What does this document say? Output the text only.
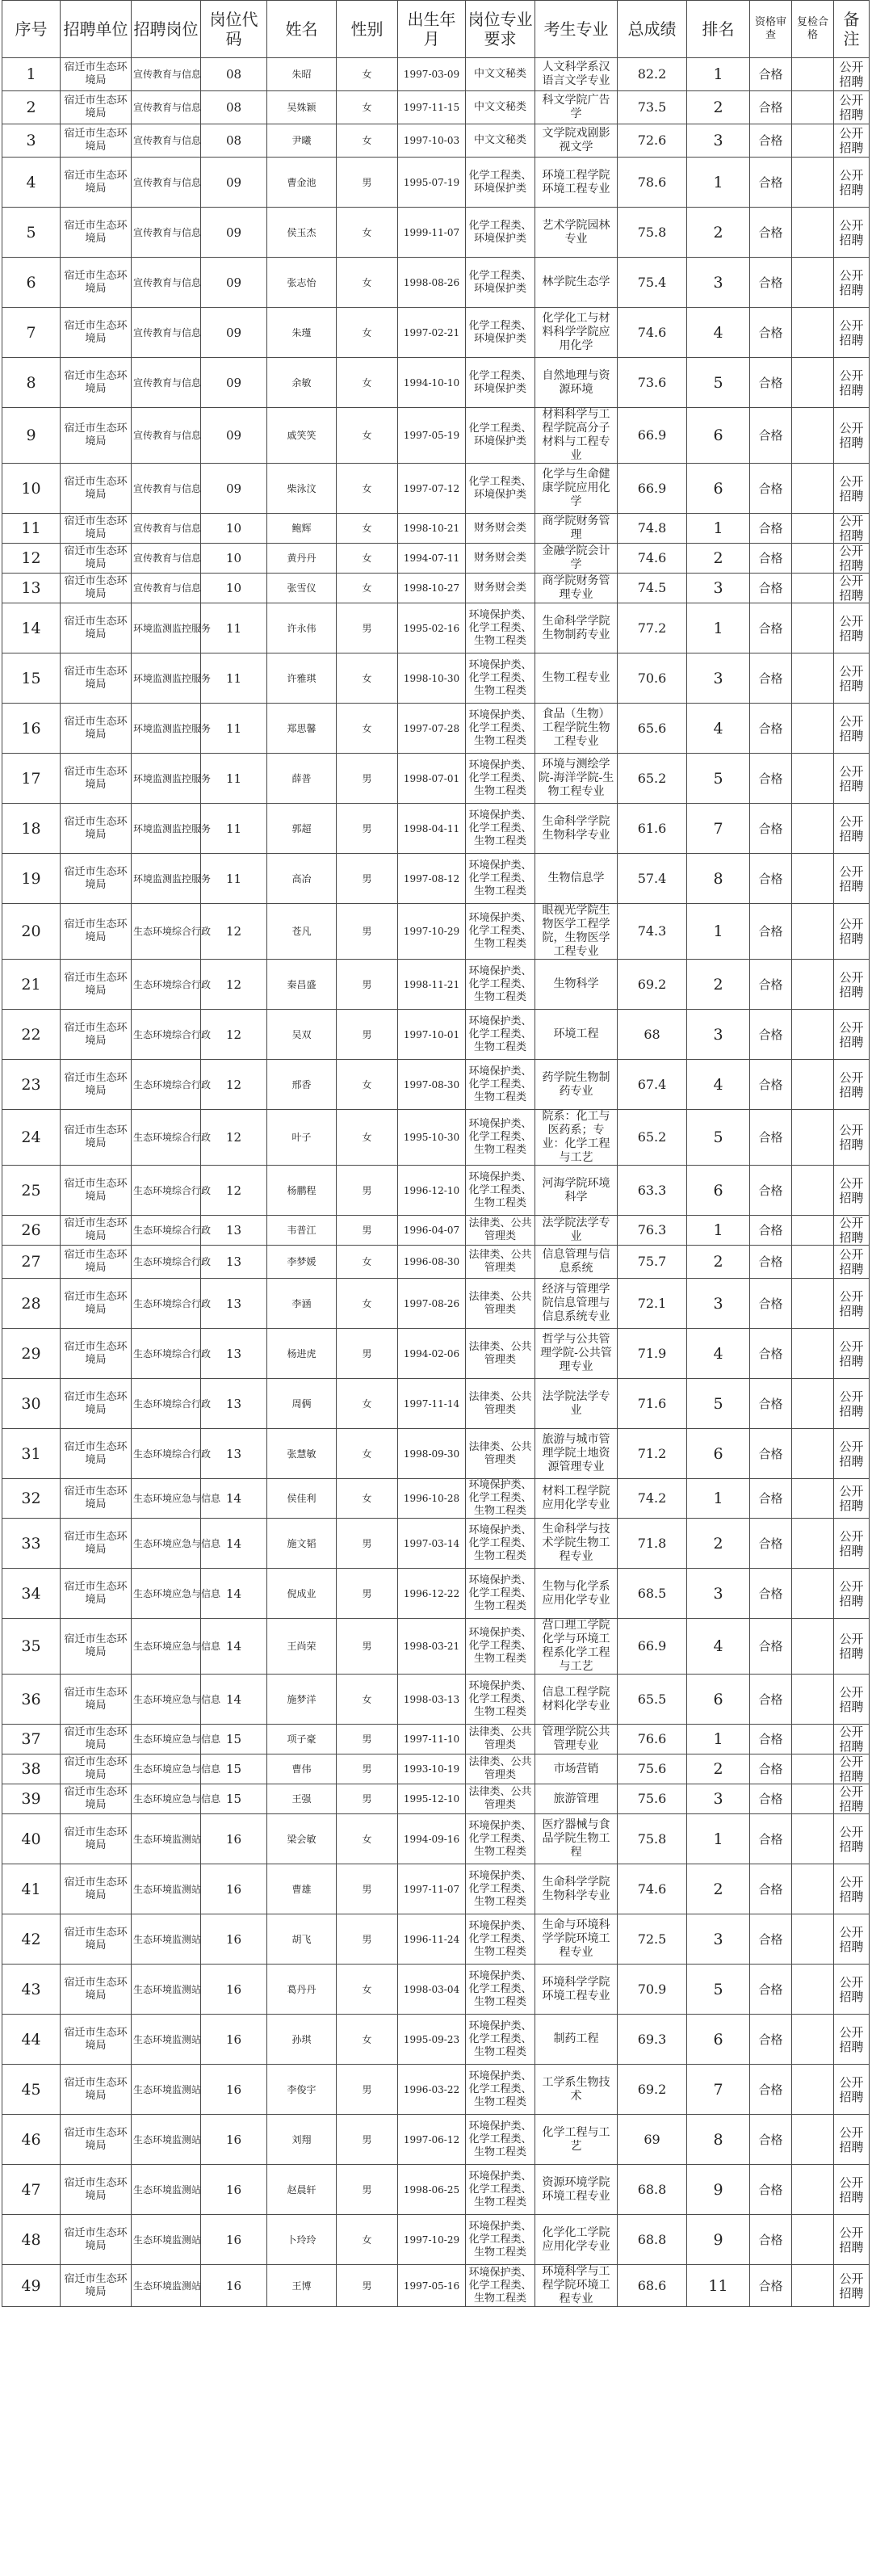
序号	招聘单位	招聘岗位	岗位代码	姓名	性别	出生年月	岗位专业要求	考生专业	总成绩	排名	资格审查	复检合格	备注
1	宿迁市生态环境局	宣传教育与信息	08	朱昭	女	1997-03-09	中文文秘类	人文科学系汉语言文学专业	82.2	1	合格		公开招聘
2	宿迁市生态环境局	宣传教育与信息	08	吴姝颖	女	1997-11-15	中文文秘类	科文学院广告学	73.5	2	合格		公开招聘
3	宿迁市生态环境局	宣传教育与信息	08	尹曦	女	1997-10-03	中文文秘类	文学院戏剧影视文学	72.6	3	合格		公开招聘
4	宿迁市生态环境局	宣传教育与信息	09	曹金池	男	1995-07-19	化学工程类、环境保护类	环境工程学院环境工程专业	78.6	1	合格		公开招聘
5	宿迁市生态环境局	宣传教育与信息	09	侯玉杰	女	1999-11-07	化学工程类、环境保护类	艺术学院园林专业	75.8	2	合格		公开招聘
6	宿迁市生态环境局	宣传教育与信息	09	张志怡	女	1998-08-26	化学工程类、环境保护类	林学院生态学	75.4	3	合格		公开招聘
7	宿迁市生态环境局	宣传教育与信息	09	朱瑾	女	1997-02-21	化学工程类、环境保护类	化学化工与材料科学学院应用化学	74.6	4	合格		公开招聘
8	宿迁市生态环境局	宣传教育与信息	09	余敏	女	1994-10-10	化学工程类、环境保护类	自然地理与资源环境	73.6	5	合格		公开招聘
9	宿迁市生态环境局	宣传教育与信息	09	戚笑笑	女	1997-05-19	化学工程类、环境保护类	材料科学与工程学院高分子材料与工程专业	66.9	6	合格		公开招聘
10	宿迁市生态环境局	宣传教育与信息	09	柴泳汶	女	1997-07-12	化学工程类、环境保护类	化学与生命健康学院应用化学	66.9	6	合格		公开招聘
11	宿迁市生态环境局	宣传教育与信息	10	鲍辉	女	1998-10-21	财务财会类	商学院财务管理	74.8	1	合格		公开招聘
12	宿迁市生态环境局	宣传教育与信息	10	黄丹丹	女	1994-07-11	财务财会类	金融学院会计学	74.6	2	合格		公开招聘
13	宿迁市生态环境局	宣传教育与信息	10	张雪仪	女	1998-10-27	财务财会类	商学院财务管理专业	74.5	3	合格		公开招聘
14	宿迁市生态环境局	环境监测监控服务	11	许永伟	男	1995-02-16	环境保护类、化学工程类、生物工程类	生命科学学院 生物制药专业	77.2	1	合格		公开招聘
15	宿迁市生态环境局	环境监测监控服务	11	许雅琪	女	1998-10-30	环境保护类、化学工程类、生物工程类	生物工程专业	70.6	3	合格		公开招聘
16	宿迁市生态环境局	环境监测监控服务	11	郑思馨	女	1997-07-28	环境保护类、化学工程类、生物工程类	食品（生物）工程学院生物工程专业	65.6	4	合格		公开招聘
17	宿迁市生态环境局	环境监测监控服务	11	薛普	男	1998-07-01	环境保护类、化学工程类、生物工程类	环境与测绘学院-海洋学院-生物工程专业	65.2	5	合格		公开招聘
18	宿迁市生态环境局	环境监测监控服务	11	郭超	男	1998-04-11	环境保护类、化学工程类、生物工程类	生命科学学院生物科学专业	61.6	7	合格		公开招聘
19	宿迁市生态环境局	环境监测监控服务	11	高冶	男	1997-08-12	环境保护类、化学工程类、生物工程类	生物信息学	57.4	8	合格		公开招聘
20	宿迁市生态环境局	生态环境综合行政	12	苍凡	男	1997-10-29	环境保护类、化学工程类、生物工程类	眼视光学院生物医学工程学院，生物医学工程专业	74.3	1	合格		公开招聘
21	宿迁市生态环境局	生态环境综合行政	12	秦昌盛	男	1998-11-21	环境保护类、化学工程类、生物工程类	生物科学	69.2	2	合格		公开招聘
22	宿迁市生态环境局	生态环境综合行政	12	吴双	男	1997-10-01	环境保护类、化学工程类、生物工程类	环境工程	68	3	合格		公开招聘
23	宿迁市生态环境局	生态环境综合行政	12	邢香	女	1997-08-30	环境保护类、化学工程类、生物工程类	药学院生物制药专业	67.4	4	合格		公开招聘
24	宿迁市生态环境局	生态环境综合行政	12	叶子	女	1995-10-30	环境保护类、化学工程类、生物工程类	院系：化工与医药系；专业：化学工程与工艺	65.2	5	合格		公开招聘
25	宿迁市生态环境局	生态环境综合行政	12	杨鹏程	男	1996-12-10	环境保护类、化学工程类、生物工程类	河海学院环境科学	63.3	6	合格		公开招聘
26	宿迁市生态环境局	生态环境综合行政	13	韦普江	男	1996-04-07	法律类、公共管理类	法学院法学专业	76.3	1	合格		公开招聘
27	宿迁市生态环境局	生态环境综合行政	13	李梦媛	女	1996-08-30	法律类、公共管理类	信息管理与信息系统	75.7	2	合格		公开招聘
28	宿迁市生态环境局	生态环境综合行政	13	李涵	女	1997-08-26	法律类、公共管理类	经济与管理学院信息管理与信息系统专业	72.1	3	合格		公开招聘
29	宿迁市生态环境局	生态环境综合行政	13	杨进虎	男	1994-02-06	法律类、公共管理类	哲学与公共管理学院-公共管理专业	71.9	4	合格		公开招聘
30	宿迁市生态环境局	生态环境综合行政	13	周俩	女	1997-11-14	法律类、公共管理类	法学院法学专业	71.6	5	合格		公开招聘
31	宿迁市生态环境局	生态环境综合行政	13	张慧敏	女	1998-09-30	法律类、公共管理类	旅游与城市管理学院土地资源管理专业	71.2	6	合格		公开招聘
32	宿迁市生态环境局	生态环境应急与信息	14	侯佳利	女	1996-10-28	环境保护类、化学工程类、生物工程类	材料工程学院应用化学专业	74.2	1	合格		公开招聘
33	宿迁市生态环境局	生态环境应急与信息	14	施文韬	男	1997-03-14	环境保护类、化学工程类、生物工程类	生命科学与技术学院生物工程专业	71.8	2	合格		公开招聘
34	宿迁市生态环境局	生态环境应急与信息	14	倪成业	男	1996-12-22	环境保护类、化学工程类、生物工程类	生物与化学系应用化学专业	68.5	3	合格		公开招聘
35	宿迁市生态环境局	生态环境应急与信息	14	王尚荣	男	1998-03-21	环境保护类、化学工程类、生物工程类	营口理工学院化学与环境工程系化学工程与工艺	66.9	4	合格		公开招聘
36	宿迁市生态环境局	生态环境应急与信息	14	施梦洋	女	1998-03-13	环境保护类、化学工程类、生物工程类	信息工程学院材料化学专业	65.5	6	合格		公开招聘
37	宿迁市生态环境局	生态环境应急与信息	15	项子豪	男	1997-11-10	法律类、公共管理类	管理学院公共管理专业	76.6	1	合格		公开招聘
38	宿迁市生态环境局	生态环境应急与信息	15	曹伟	男	1993-10-19	法律类、公共管理类	市场营销	75.6	2	合格		公开招聘
39	宿迁市生态环境局	生态环境应急与信息	15	王强	男	1995-12-10	法律类、公共管理类	旅游管理	75.6	3	合格		公开招聘
40	宿迁市生态环境局	生态环境监测站	16	梁会敏	女	1994-09-16	环境保护类、化学工程类、生物工程类	医疗器械与食品学院生物工程	75.8	1	合格		公开招聘
41	宿迁市生态环境局	生态环境监测站	16	曹雄	男	1997-11-07	环境保护类、化学工程类、生物工程类	生命科学学院生物科学专业	74.6	2	合格		公开招聘
42	宿迁市生态环境局	生态环境监测站	16	胡飞	男	1996-11-24	环境保护类、化学工程类、生物工程类	生命与环境科学学院环境工程专业	72.5	3	合格		公开招聘
43	宿迁市生态环境局	生态环境监测站	16	葛丹丹	女	1998-03-04	环境保护类、化学工程类、生物工程类	环境科学学院环境工程专业	70.9	5	合格		公开招聘
44	宿迁市生态环境局	生态环境监测站	16	孙琪	女	1995-09-23	环境保护类、化学工程类、生物工程类	制药工程	69.3	6	合格		公开招聘
45	宿迁市生态环境局	生态环境监测站	16	李俊宇	男	1996-03-22	环境保护类、化学工程类、生物工程类	工学系生物技术	69.2	7	合格		公开招聘
46	宿迁市生态环境局	生态环境监测站	16	刘翔	男	1997-06-12	环境保护类、化学工程类、生物工程类	化学工程与工艺	69	8	合格		公开招聘
47	宿迁市生态环境局	生态环境监测站	16	赵晨轩	男	1998-06-25	环境保护类、化学工程类、生物工程类	资源环境学院环境工程专业	68.8	9	合格		公开招聘
48	宿迁市生态环境局	生态环境监测站	16	卜玲玲	女	1997-10-29	环境保护类、化学工程类、生物工程类	化学化工学院应用化学专业	68.8	9	合格		公开招聘
49	宿迁市生态环境局	生态环境监测站	16	王博	男	1997-05-16	环境保护类、化学工程类、生物工程类	环境科学与工程学院环境工程专业	68.6	11	合格		公开招聘
